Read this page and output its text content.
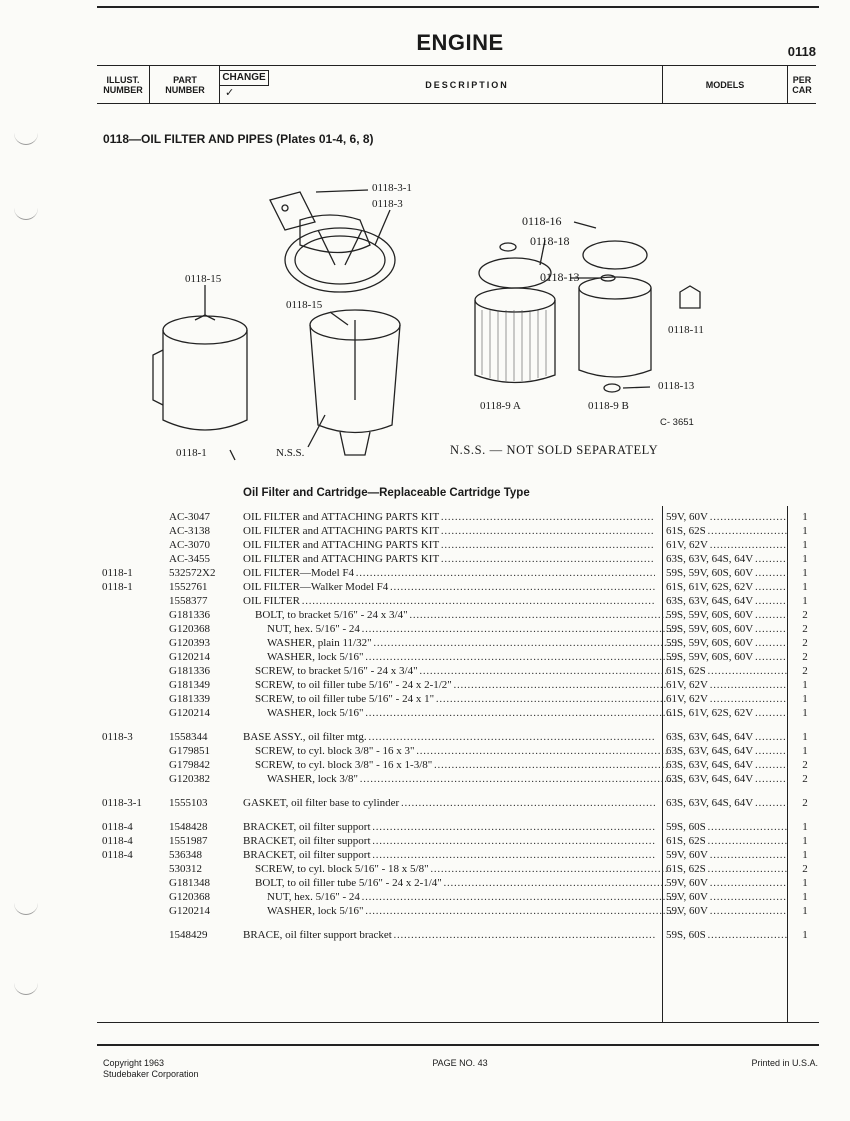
ENGINE	0118
ILLUST.
NUMBER
PART
NUMBER
CHANGE
✓
DESCRIPTION	MODELS	PER
CAR
0118—OIL FILTER AND PIPES (Plates 01-4, 6, 8)
0118-3-1
0118-3
0118-15
0118-15
0118-1	N.S.S.
0118-16
0118-18
0118-13
0118-11
0118-13
0118-9 A	0118-9 B
C- 3651
N.S.S. — NOT SOLD SEPARATELY
Oil Filter and Cartridge—Replaceable Cartridge Type
AC-3047	OIL FILTER and ATTACHING PARTS KIT . . .	59V, 60V . . .	1
AC-3138	OIL FILTER and ATTACHING PARTS KIT . . .	61S, 62S . . .	1
AC-3070	OIL FILTER and ATTACHING PARTS KIT . . .	61V, 62V . . .	1
AC-3455	OIL FILTER and ATTACHING PARTS KIT . . .	63S, 63V, 64S, 64V . . .	1
0118-1	532572X2	OIL FILTER—Model F4 . . .	59S, 59V, 60S, 60V . . .	1
0118-1	1552761	OIL FILTER—Walker Model F4 . . .	61S, 61V, 62S, 62V . . .	1
1558377	OIL FILTER . . .	63S, 63V, 64S, 64V . . .	1
G181336	BOLT, to bracket 5/16" - 24 x 3/4" . . .	59S, 59V, 60S, 60V . . .	2
G120368	NUT, hex. 5/16" - 24 . . .	59S, 59V, 60S, 60V . . .	2
G120393	WASHER, plain 11/32" . . .	59S, 59V, 60S, 60V . . .	2
G120214	WASHER, lock 5/16" . . .	59S, 59V, 60S, 60V . . .	2
G181336	SCREW, to bracket 5/16" - 24 x 3/4" . . .	61S, 62S . . .	2
G181349	SCREW, to oil filler tube 5/16" - 24 x 2-1/2" . . .	61V, 62V . . .	1
G181339	SCREW, to oil filler tube 5/16" - 24 x 1" . . .	61V, 62V . . .	1
G120214	WASHER, lock 5/16" . . .	61S, 61V, 62S, 62V . . .	1
0118-3	1558344	BASE ASSY., oil filter mtg. . . .	63S, 63V, 64S, 64V . . .	1
G179851	SCREW, to cyl. block 3/8" - 16 x 3" . . .	63S, 63V, 64S, 64V . . .	1
G179842	SCREW, to cyl. block 3/8" - 16 x 1-3/8" . . .	63S, 63V, 64S, 64V . . .	2
G120382	WASHER, lock 3/8" . . .	63S, 63V, 64S, 64V . . .	2
0118-3-1	1555103	GASKET, oil filter base to cylinder . . .	63S, 63V, 64S, 64V . . .	2
0118-4	1548428	BRACKET, oil filter support . . .	59S, 60S . . .	1
0118-4	1551987	BRACKET, oil filter support . . .	61S, 62S . . .	1
0118-4	536348	BRACKET, oil filter support . . .	59V, 60V . . .	1
530312	SCREW, to cyl. block 5/16" - 18 x 5/8" . . .	61S, 62S . . .	2
G181348	BOLT, to oil filler tube 5/16" - 24 x 2-1/4" . . .	59V, 60V . . .	1
G120368	NUT, hex. 5/16" - 24 . . .	59V, 60V . . .	1
G120214	WASHER, lock 5/16" . . .	59V, 60V . . .	1
1548429	BRACE, oil filter support bracket . . .	59S, 60S . . .	1
Copyright 1963
Studebaker Corporation
PAGE NO. 43	Printed in U.S.A.
